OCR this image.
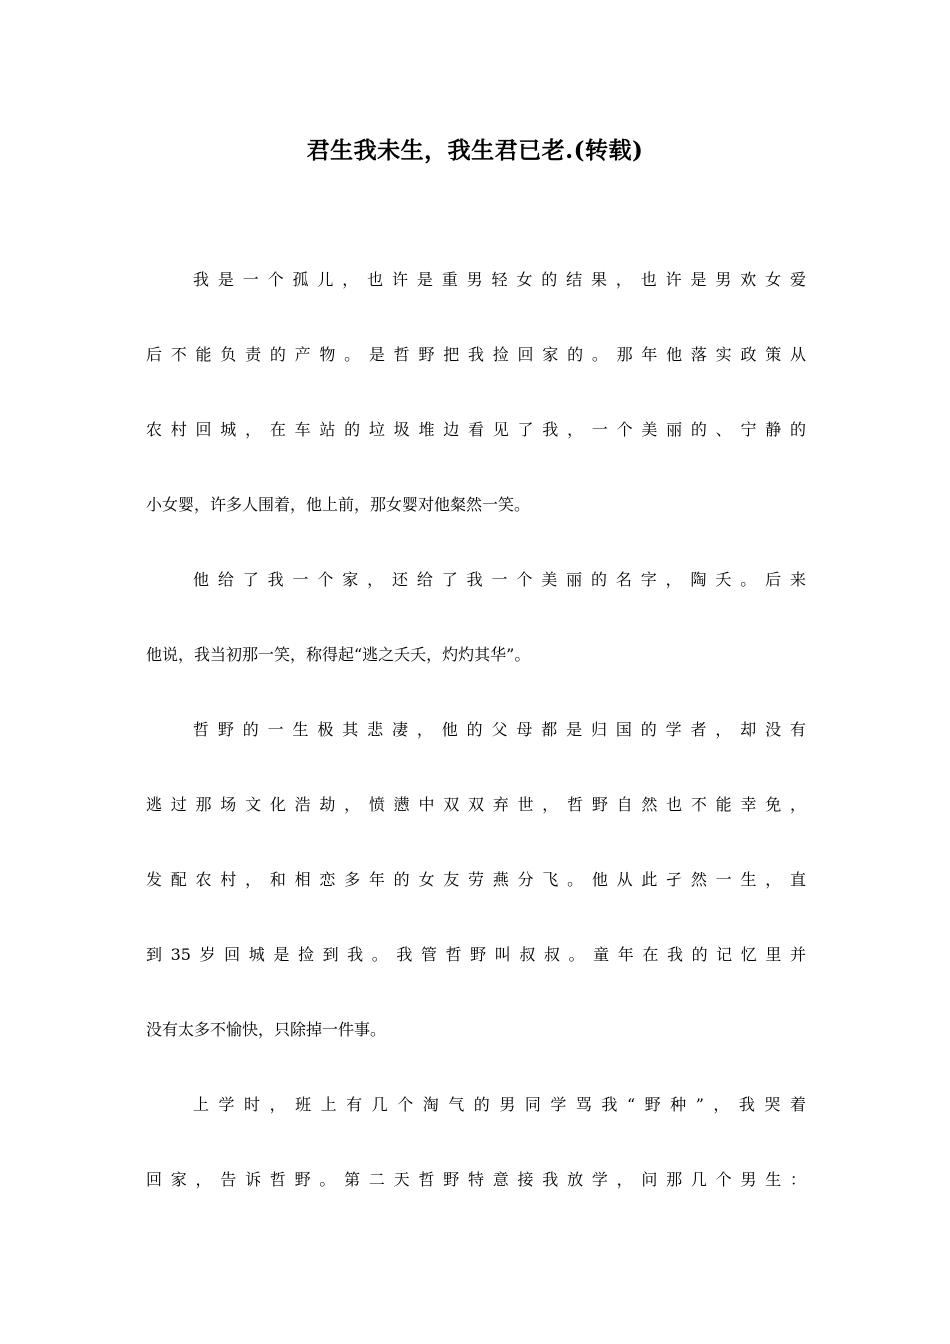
君生我未生，我生君已老.(转载)
我是一个孤儿，也许是重男轻女的结果，也许是男欢女爱
后不能负责的产物。是哲野把我捡回家的。那年他落实政策从
农村回城，在车站的垃圾堆边看见了我，一个美丽的、宁静的
小女婴，许多人围着，他上前，那女婴对他粲然一笑。
他给了我一个家，还给了我一个美丽的名字，陶夭。后来
他说，我当初那一笑，称得起“逃之夭夭，灼灼其华”。
哲野的一生极其悲凄，他的父母都是归国的学者，却没有
逃过那场文化浩劫，愤懑中双双弃世，哲野自然也不能幸免，
发配农村，和相恋多年的女友劳燕分飞。他从此孑然一生，直
到35岁回城是捡到我。我管哲野叫叔叔。童年在我的记忆里并
没有太多不愉快，只除掉一件事。
上学时，班上有几个淘气的男同学骂我“野种”，我哭着
回家，告诉哲野。第二天哲野特意接我放学，问那几个男生：
